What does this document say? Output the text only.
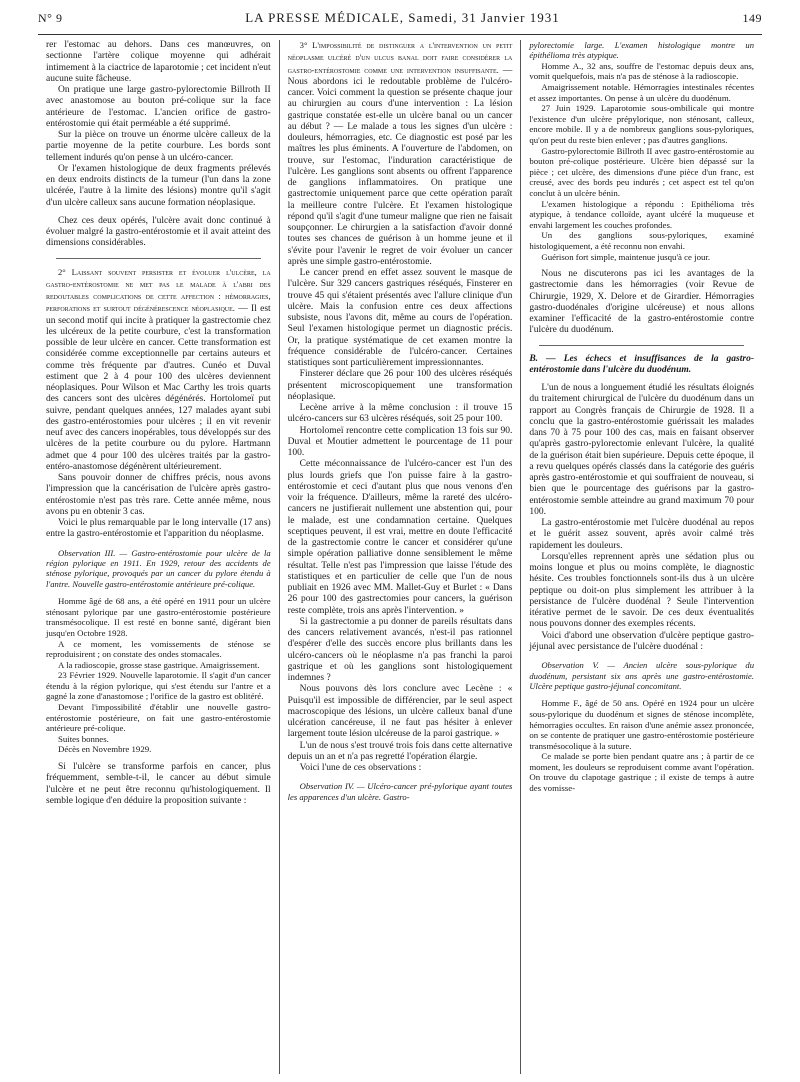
N° 9	LA PRESSE MÉDICALE, Samedi, 31 Janvier 1931	149

rer l'estomac au dehors. Dans ces manœuvres, on sectionne l'artère colique moyenne qui adhérait intimement à la ciactrice de laparotomie ; cet incident n'eut aucune suite fâcheuse.

On pratique une large gastro-pylorectomie Billroth II avec anastomose au bouton pré-colique sur la face antérieure de l'estomac. L'ancien orifice de gastro-entérostomie qui était perméable a été supprimé.

Sur la pièce on trouve un énorme ulcère calleux de la partie moyenne de la petite courbure. Les bords sont tellement indurés qu'on pense à un ulcéro-cancer.

Or l'examen histologique de deux fragments prélevés en deux endroits distincts de la tumeur (l'un dans la zone ulcérée, l'autre à la limite des lésions) montre qu'il s'agit d'un ulcère calleux sans aucune formation néoplasique.

Chez ces deux opérés, l'ulcère avait donc continué à évoluer malgré la gastro-entérostomie et il avait atteint des dimensions considérables.

2° Laissant souvent persister et évoluer l'ulcère, la gastro-entérostomie ne met pas le malade à l'abri des redoutables complications de cette affection : hémorragies, perforations et surtout dégénérescence néoplasique. — Il est un second motif qui incite à pratiquer la gastrectomie chez les ulcéreux de la petite courbure, c'est la transformation possible de leur ulcère en cancer. Cette transformation est considérée comme exceptionnelle par certains auteurs et comme très fréquente par d'autres. Cunéo et Duval estiment que 2 à 4 pour 100 des ulcères deviennent néoplasiques. Pour Wilson et Mac Carthy les trois quarts des cancers sont des ulcères dégénérés. Hortolomeï put suivre, pendant quelques années, 127 malades ayant subi des gastro-entérostomies pour ulcères ; il en vit revenir neuf avec des cancers inopérables, tous développés sur des ulcères de la petite courbure ou du pylore. Hartmann admet que 4 pour 100 des ulcères traités par la gastro-entéro-anastomose dégénèrent ultérieurement.

Sans pouvoir donner de chiffres précis, nous avons l'impression que la cancérisation de l'ulcère après gastro-entérostomie n'est pas très rare. Cette année même, nous avons pu en obtenir 3 cas.

Voici le plus remarquable par le long intervalle (17 ans) entre la gastro-entérostomie et l'apparition du néoplasme.

Observation III. — Gastro-entérostomie pour ulcère de la région pylorique en 1911. En 1929, retour des accidents de sténose pylorique, provoqués par un cancer du pylore étendu à l'antre. Nouvelle gastro-entérostomie antérieure pré-colique.

Homme âgé de 68 ans, a été opéré en 1911 pour un ulcère sténosant pylorique par une gastro-entérostomie postérieure transmésocolique. Il est resté en bonne santé, digérant bien jusqu'en Octobre 1928.

A ce moment, les vomissements de sténose se reproduisirent ; on constate des ondes stomacales.

A la radioscopie, grosse stase gastrique. Amaigrissement.

23 Février 1929. Nouvelle laparotomie. Il s'agit d'un cancer étendu à la région pylorique, qui s'est étendu sur l'antre et a gagné la zone d'anastomose ; l'orifice de la gastro est oblitéré.

Devant l'impossibilité d'établir une nouvelle gastro-entérostomie postérieure, on fait une gastro-entérostomie antérieure pré-colique.

Suites bonnes.

Décès en Novembre 1929.

Si l'ulcère se transforme parfois en cancer, plus fréquemment, semble-t-il, le cancer au début simule l'ulcère et ne peut être reconnu qu'histologiquement. Il semble logique d'en déduire la proposition suivante :

3° L'impossibilité de distinguer a l'intervention un petit néoplasme ulcéré d'un ulcus banal doit faire considérer la gastro-entérostomie comme une intervention insuffisante. — Nous abordons ici le redoutable problème de l'ulcéro-cancer. Voici comment la question se présente chaque jour au chirurgien au cours d'une intervention : La lésion gastrique constatée est-elle un ulcère banal ou un cancer au début ? — Le malade a tous les signes d'un ulcère : douleurs, hémorragies, etc. Ce diagnostic est posé par les maîtres les plus éminents. A l'ouverture de l'abdomen, on trouve, sur l'estomac, l'induration caractéristique de l'ulcère. Les ganglions sont absents ou offrent l'apparence de ganglions inflammatoires. On pratique une gastrectomie uniquement parce que cette opération paraît la meilleure contre l'ulcère. Et l'examen histologique répond qu'il s'agit d'une tumeur maligne que rien ne faisait soupçonner. Le chirurgien a la satisfaction d'avoir donné toutes ses chances de guérison à un homme jeune et il s'évite pour l'avenir le regret de voir évoluer un cancer après une simple gastro-entérostomie.

Le cancer prend en effet assez souvent le masque de l'ulcère. Sur 329 cancers gastriques réséqués, Finsterer en trouve 45 qui s'étaient présentés avec l'allure clinique d'un ulcère. Mais la confusion entre ces deux affections subsiste, nous l'avons dit, même au cours de l'opération. Seul l'examen histologique permet un diagnostic précis. Or, la pratique systématique de cet examen montre la fréquence considérable de l'ulcéro-cancer. Certaines statistiques sont particulièrement impressionnantes.

Finsterer déclare que 26 pour 100 des ulcères réséqués présentent microscopiquement une transformation néoplasique.

Lecène arrive à la même conclusion : il trouve 15 ulcéro-cancers sur 63 ulcères réséqués, soit 25 pour 100.

Hortolomeï rencontre cette complication 13 fois sur 90. Duval et Moutier admettent le pourcentage de 11 pour 100.

Cette méconnaissance de l'ulcéro-cancer est l'un des plus lourds griefs que l'on puisse faire à la gastro-entérostomie et ceci d'autant plus que nous venons d'en voir la fréquence. D'ailleurs, même la rareté des ulcéro-cancers ne justifierait nullement une abstention qui, pour le malade, est une condamnation certaine. Quelques sceptiques peuvent, il est vrai, mettre en doute l'efficacité de la gastrectomie contre le cancer et considérer qu'une simple opération palliative donne sensiblement le même résultat. Telle n'est pas l'impression que laisse l'étude des statistiques et en particulier de celle que l'un de nous publiait en 1926 avec MM. Mallet-Guy et Burlet : « Dans 26 pour 100 des gastrectomies pour cancers, la guérison reste complète, trois ans après l'intervention. »

Si la gastrectomie a pu donner de pareils résultats dans des cancers relativement avancés, n'est-il pas rationnel d'espérer d'elle des succès encore plus brillants dans les ulcéro-cancers où le néoplasme n'a pas franchi la paroi gastrique et où les ganglions sont histologiquement indemnes ?

Nous pouvons dès lors conclure avec Lecène : « Puisqu'il est impossible de différencier, par le seul aspect macroscopique des lésions, un ulcère calleux banal d'une ulcération cancéreuse, il ne faut pas hésiter à enlever largement toute lésion ulcéreuse de la paroi gastrique. »

L'un de nous s'est trouvé trois fois dans cette alternative depuis un an et n'a pas regretté l'opération élargie.

Voici l'une de ces observations :

Observation IV. — Ulcéro-cancer pré-pylorique ayant toutes les apparences d'un ulcère. Gastro-

pylorectomie large. L'examen histologique montre un épithélioma très atypique.

Homme A., 32 ans, souffre de l'estomac depuis deux ans, vomit quelquefois, mais n'a pas de sténose à la radioscopie.

Amaigrissement notable. Hémorragies intestinales récentes et assez importantes. On pense à un ulcère du duodénum.

27 Juin 1929. Laparotomie sous-ombilicale qui montre l'existence d'un ulcère prépylorique, non sténosant, calleux, encore mobile. Il y a de nombreux ganglions sous-pyloriques, qu'on peut du reste bien enlever ; pas d'autres ganglions.

Gastro-pylorectomie Billroth II avec gastro-entérostomie au bouton pré-colique postérieure. Ulcère bien dépassé sur la pièce ; cet ulcère, des dimensions d'une pièce d'un franc, est creusé, avec des bords peu indurés ; cet aspect est tel qu'on conclut à un ulcère bénin.

L'examen histologique a répondu : Epithélioma très atypique, à tendance colloïde, ayant ulcéré la muqueuse et envahi largement les couches profondes.

Un des ganglions sous-pyloriques, examiné histologiquement, a été reconnu non envahi.

Guérison fort simple, maintenue jusqu'à ce jour.

Nous ne discuterons pas ici les avantages de la gastrectomie dans les hémorragies (voir Revue de Chirurgie, 1929, X. Delore et de Girardier. Hémorragies gastro-duodénales d'origine ulcéreuse) et nous allons examiner l'efficacité de la gastro-entérostomie contre l'ulcère du duodénum.

B. — Les échecs et insuffisances de la gastro-entérostomie dans l'ulcère du duodénum.

L'un de nous a longuement étudié les résultats éloignés du traitement chirurgical de l'ulcère du duodénum dans un rapport au Congrès français de Chirurgie de 1928. Il a conclu que la gastro-entérostomie guérissait les malades dans 70 à 75 pour 100 des cas, mais en faisant observer qu'après gastro-pylorectomie enlevant l'ulcère, la qualité de la guérison était bien supérieure. Depuis cette époque, il a revu quelques opérés classés dans la catégorie des guéris après gastro-entérostomie et qui souffraient de nouveau, si bien que le pourcentage des guérisons par la gastro-entérostomie semble atteindre au grand maximum 70 pour 100.

La gastro-entérostomie met l'ulcère duodénal au repos et le guérit assez souvent, après avoir calmé très rapidement les douleurs.

Lorsqu'elles reprennent après une sédation plus ou moins longue et plus ou moins complète, le diagnostic hésite. Ces troubles fonctionnels sont-ils dus à un ulcère peptique ou doit-on plus simplement les attribuer à la persistance de l'ulcère duodénal ? Seule l'intervention itérative permet de le savoir. De ces deux éventualités nous pouvons donner des exemples récents.

Voici d'abord une observation d'ulcère peptique gastro-jéjunal avec persistance de l'ulcère duodénal :

Observation V. — Ancien ulcère sous-pylorique du duodénum, persistant six ans après une gastro-entérostomie. Ulcère peptique gastro-jéjunal concomitant.

Homme F., âgé de 50 ans. Opéré en 1924 pour un ulcère sous-pylorique du duodénum et signes de sténose incomplète, hémorragies occultes. En raison d'une anémie assez prononcée, on se contente de pratiquer une gastro-entérostomie postérieure transmésocolique à la suture.

Ce malade se porte bien pendant quatre ans ; à partir de ce moment, les douleurs se reproduisent comme avant l'opération. On trouve du clapotage gastrique ; il existe de temps à autre des vomisse-
